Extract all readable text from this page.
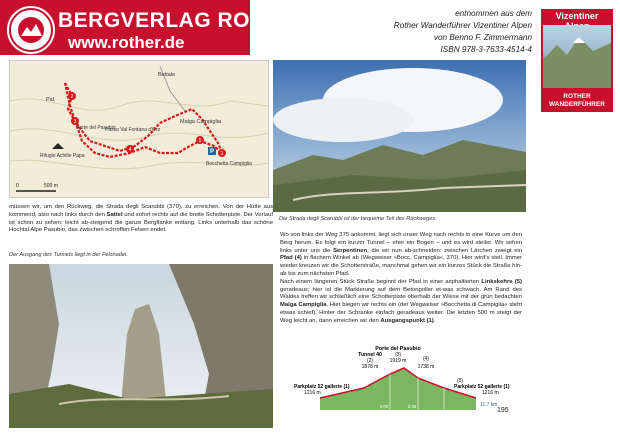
BERGVERLAG ROTHER
www.rother.de
entnommen aus dem
Rother Wanderführer Vizentiner Alpen
von Benno F. Zimmermann
ISBN 978-3-7633-4514-4
Vizentiner
ROTHER
WANDERFÜHRER
3
2
4
5
1
P
Bettale
Pal.
Porte del Pasubio
Passo Val Fontana d'Oro
Malga Campiglia
Bocchetta Campiglia
Rifugio Achille Papa
0	500 m
Die Strada degli Scarubbi ist der bequeme Teil des Rückweges.
müssen wir, um den Rückweg, die Strada degli Scarubbi (370), zu erreichen. Von der Hütte aus kommend, also nach links durch den Sattel und sofort rechts auf die breite Schotterpiste. Der Verlauf ist schon zu sehen: leicht ab-steigend die ganze Bergflanke entlang. Links unterhalb das schöne Hochtal Alpe Pasubio, das zwischen schroffen Felsen endet.
Der Ausgang des Tunnels liegt in der Felsnadel.
Wo von links der Weg 375 ankommt, liegt sich unser Weg nach rechts in eine Kurve um den Berg herum. Es folgt ein kurzer Tunnel – eher ein Bogen – und es wird steiler. Wir sehen links unter uns die Serpentinen, die wir nun ab-schneiden: zwischen Lärchen zweigt ein Pfad (4) in flachem Winkel ab (Wegweiser »Bocc. Campiglia«, 370). Hier wird's steil. Immer wieder kreuzen wir die Schotterstraße, manchmal gehen wir ein kurzes Stück die Straße hin-ab bis zum nächsten Pfad.
Nach einem längeren Stück Straße beginnt der Pfad in einer asphaltierten Linkskehre (5) geradeaus; hier ist die Markierung auf dem Betonpoller et-was schwach. Am Rand des Waldes treffen wir schließlich eine Schotterpiste oberhalb der Wiese mit der grün bedachten Malga Campiglia. Hier biegen wir rechts ein (der Wegweiser »Bocchetta di Campiglia« steht etwas schief). Hinter der Schranke einfach geradeaus weiter. Die letzten 500 m steigt der Weg leicht an, dann erreichen wir den Ausgangspunkt (1).
Porte del Pasubio
(3)
1919 m
Tunnel 40
(2)
1878 m
(4)
1738 m
(5)
Parkplatz 52 gallerie (1)
1216 m
Parkplatz 52 gallerie (1)
1216 m
3.00	3.45	11.7 km
195
